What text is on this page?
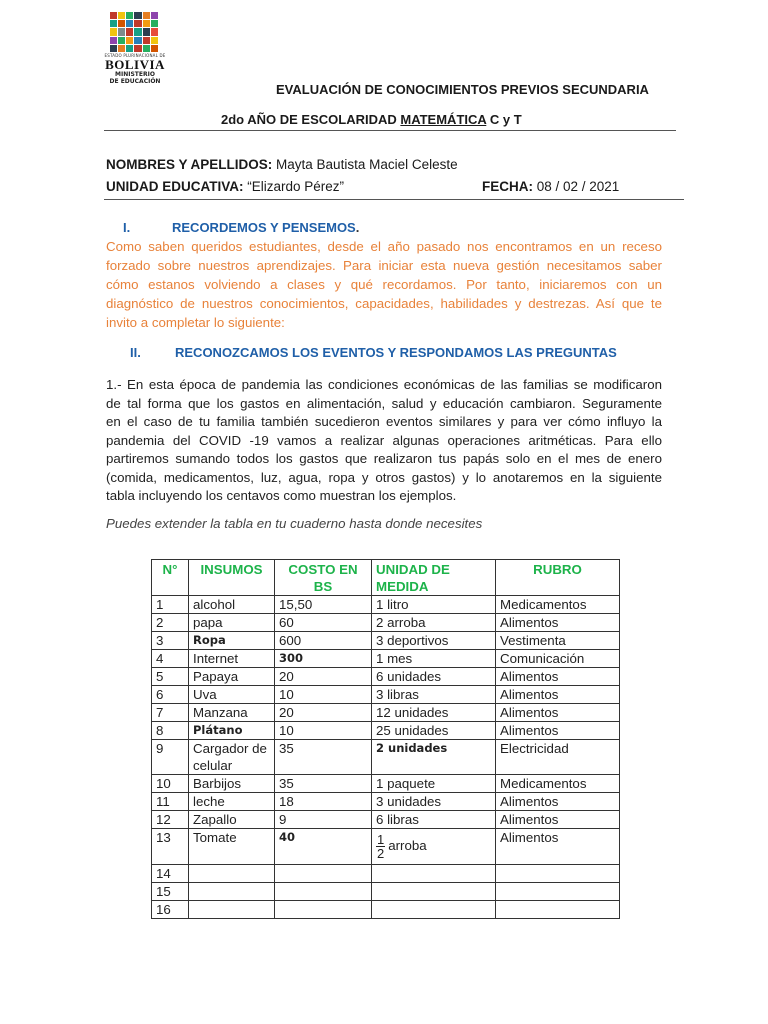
ESTADO PLURINACIONAL DE
BOLIVIA
MINISTERIO
DE EDUCACIÓN
EVALUACIÓN DE CONOCIMIENTOS PREVIOS SECUNDARIA
2do AÑO DE ESCOLARIDAD MATEMÁTICA C y T
NOMBRES Y APELLIDOS: Mayta Bautista Maciel Celeste
UNIDAD EDUCATIVA: “Elizardo Pérez”	FECHA: 08 / 02 / 2021
I.	RECORDEMOS Y PENSEMOS.
Como saben queridos estudiantes, desde el año pasado nos encontramos en un receso
forzado sobre nuestros aprendizajes. Para iniciar esta nueva gestión necesitamos saber
cómo estanos volviendo a clases y qué recordamos. Por tanto, iniciaremos con un
diagnóstico de nuestros conocimientos, capacidades, habilidades y destrezas. Así que te
invito a completar lo siguiente:
II.	RECONOZCAMOS LOS EVENTOS Y RESPONDAMOS LAS PREGUNTAS
1.- En esta época de pandemia las condiciones económicas de las familias se modificaron
de tal forma que los gastos en alimentación, salud y educación cambiaron. Seguramente
en el caso de tu familia también sucedieron eventos similares y para ver cómo influyo la
pandemia del COVID -19 vamos a realizar algunas operaciones aritméticas. Para ello
partiremos sumando todos los gastos que realizaron tus papás solo en el mes de enero
(comida, medicamentos, luz, agua, ropa y otros gastos) y lo anotaremos en la siguiente
tabla incluyendo los centavos como muestran los ejemplos.
Puedes extender la tabla en tu cuaderno hasta donde necesites
N°	INSUMOS	COSTO EN BS	UNIDAD DE MEDIDA	RUBRO
1	alcohol	15,50	1 litro	Medicamentos
2	papa	60	2 arroba	Alimentos
3	Ropa	600	3 deportivos	Vestimenta
4	Internet	300	1 mes	Comunicación
5	Papaya	20	6 unidades	Alimentos
6	Uva	10	3 libras	Alimentos
7	Manzana	20	12 unidades	Alimentos
8	Plátano	10	25 unidades	Alimentos
9	Cargador de celular	35	2 unidades	Electricidad
10	Barbijos	35	1 paquete	Medicamentos
11	leche	18	3 unidades	Alimentos
12	Zapallo	9	6 libras	Alimentos
13	Tomate	40	$\frac{1}{2}$ arroba	Alimentos
14				
15				
16				
